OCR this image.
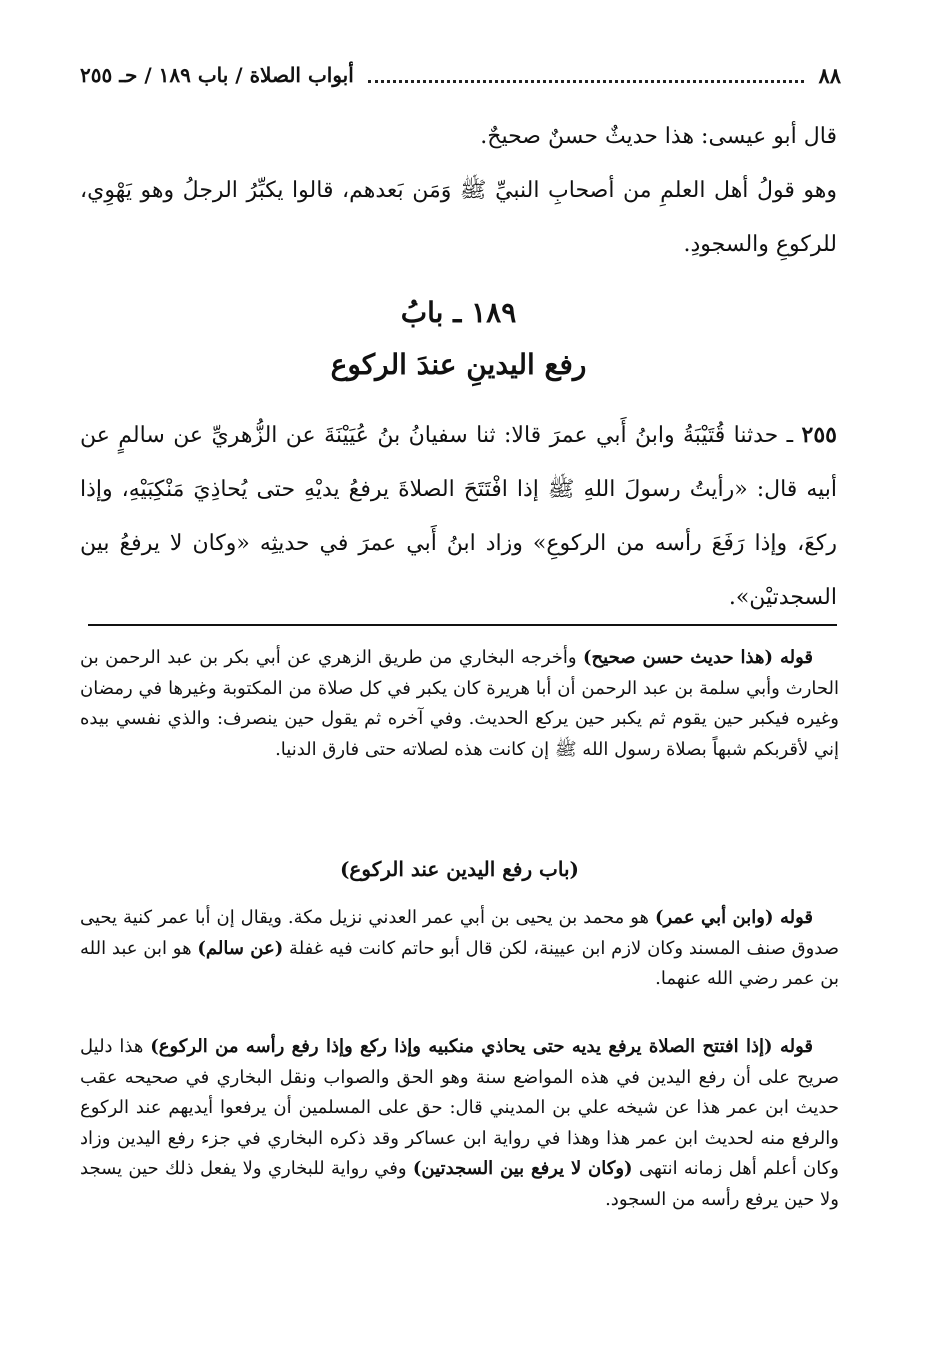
٨٨
أبواب الصلاة / باب ١٨٩ / حـ ٢٥٥

قال أبو عيسى: هذا حديثٌ حسنٌ صحيحٌ.

وهو قولُ أهل العلمِ من أصحابِ النبيِّ ﷺ وَمَن بَعدهم، قالوا يكبِّرُ الرجلُ وهو يَهْوِي، للركوعِ والسجودِ.

١٨٩ ـ بابُ
رفع اليدينِ عندَ الركوع

٢٥٥ ـ حدثنا قُتَيْبَةُ وابنُ أَبي عمرَ قالا: ثنا سفيانُ بنُ عُيَيْنَةَ عن الزُّهريِّ عن سالمٍ عن أبيه قال: «رأيتُ رسولَ اللهِ ﷺ إذا افْتَتَحَ الصلاةَ يرفعُ يديْهِ حتى يُحاذِيَ مَنْكِبَيْهِ، وإذا ركعَ، وإذا رَفَعَ رأسه من الركوعِ» وزاد ابنُ أَبي عمرَ في حديثِه «وكان لا يرفعُ بين السجدتيْن».

قوله (هذا حديث حسن صحيح) وأخرجه البخاري من طريق الزهري عن أبي بكر بن عبد الرحمن بن الحارث وأبي سلمة بن عبد الرحمن أن أبا هريرة كان يكبر في كل صلاة من المكتوبة وغيرها في رمضان وغيره فيكبر حين يقوم ثم يكبر حين يركع الحديث. وفي آخره ثم يقول حين ينصرف: والذي نفسي بيده إني لأقربكم شبهاً بصلاة رسول الله ﷺ إن كانت هذه لصلاته حتى فارق الدنيا.

(باب رفع اليدين عند الركوع)

قوله (وابن أبي عمر) هو محمد بن يحيى بن أبي عمر العدني نزيل مكة. ويقال إن أبا عمر كنية يحيى صدوق صنف المسند وكان لازم ابن عيينة، لكن قال أبو حاتم كانت فيه غفلة (عن سالم) هو ابن عبد الله بن عمر رضي الله عنهما.

قوله (إذا افتتح الصلاة يرفع يديه حتى يحاذي منكبيه وإذا ركع وإذا رفع رأسه من الركوع) هذا دليل صريح على أن رفع اليدين في هذه المواضع سنة وهو الحق والصواب ونقل البخاري في صحيحه عقب حديث ابن عمر هذا عن شيخه علي بن المديني قال: حق على المسلمين أن يرفعوا أيديهم عند الركوع والرفع منه لحديث ابن عمر هذا وهذا في رواية ابن عساكر وقد ذكره البخاري في جزء رفع اليدين وزاد وكان أعلم أهل زمانه انتهى (وكان لا يرفع بين السجدتين) وفي رواية للبخاري ولا يفعل ذلك حين يسجد ولا حين يرفع رأسه من السجود.
